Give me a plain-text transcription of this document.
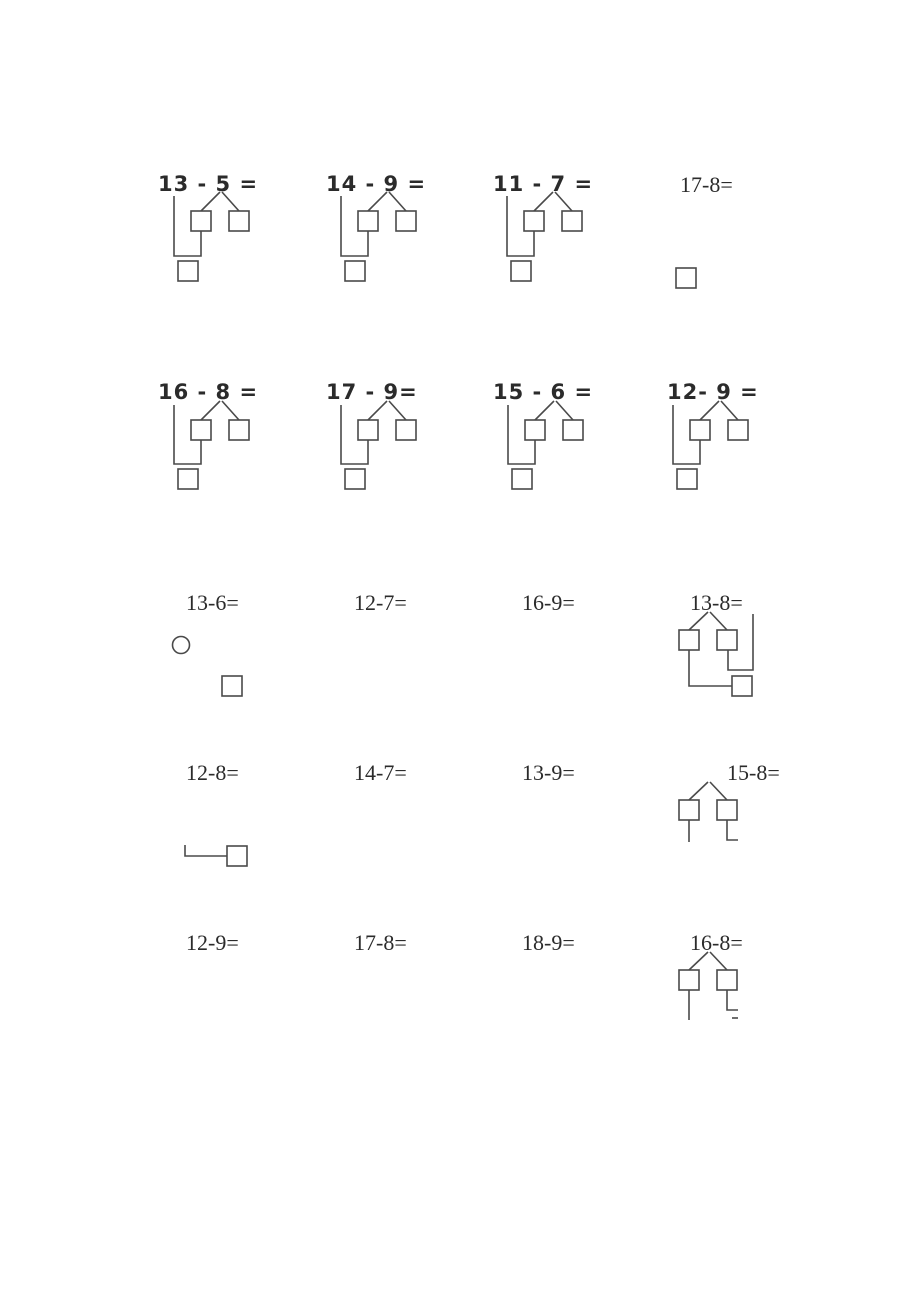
13 - 5 =	14 - 9 =	11 - 7 =	17-8=
16 - 8 =	17 - 9=	15 - 6 =	12- 9 =
13-6=	12-7=	16-9=	13-8=
12-8=	14-7=	13-9=	15-8=
12-9=	17-8=	18-9=	16-8=
